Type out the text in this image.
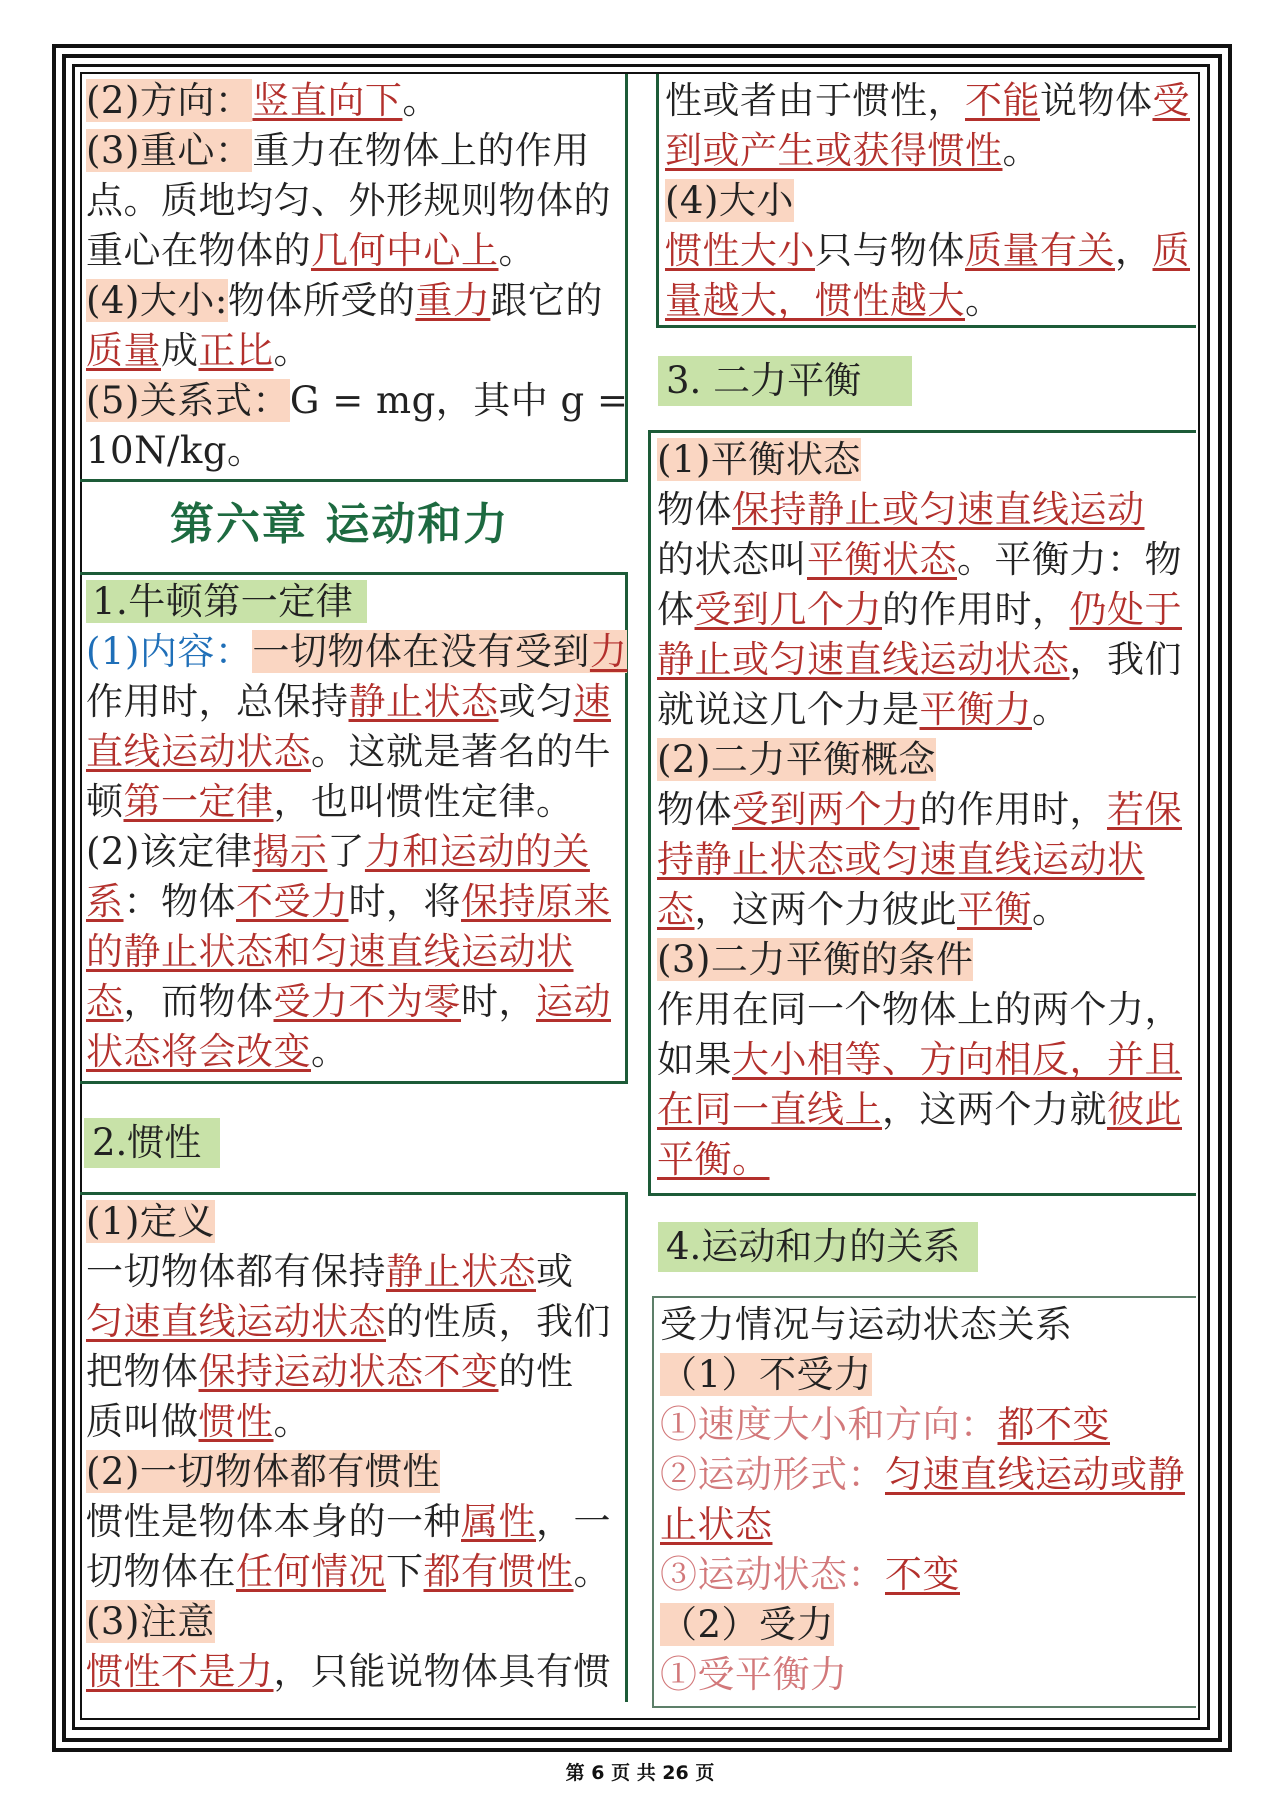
(2)方向：竖直向下。
(3)重心：重力在物体上的作用
点。质地均匀、外形规则物体的
重心在物体的几何中心上。
(4)大小:物体所受的重力跟它的
质量成正比。
(5)关系式：G = mg，其中 g =
10N/kg。
第六章 运动和力
1.牛顿第一定律
(1)内容：一切物体在没有受到力
作用时，总保持静止状态或匀速
直线运动状态。这就是著名的牛
顿第一定律，也叫惯性定律。
(2)该定律揭示了力和运动的关
系：物体不受力时，将保持原来
的静止状态和匀速直线运动状
态，而物体受力不为零时，运动
状态将会改变。
2.惯性
(1)定义
一切物体都有保持静止状态或
匀速直线运动状态的性质，我们
把物体保持运动状态不变的性
质叫做惯性。
(2)一切物体都有惯性
惯性是物体本身的一种属性，一
切物体在任何情况下都有惯性。
(3)注意
惯性不是力，只能说物体具有惯
性或者由于惯性，不能说物体受
到或产生或获得惯性。
(4)大小
惯性大小只与物体质量有关，质
量越大，惯性越大。
3. 二力平衡
(1)平衡状态
物体保持静止或匀速直线运动
的状态叫平衡状态。平衡力：物
体受到几个力的作用时，仍处于
静止或匀速直线运动状态，我们
就说这几个力是平衡力。
(2)二力平衡概念
物体受到两个力的作用时，若保
持静止状态或匀速直线运动状
态，这两个力彼此平衡。
(3)二力平衡的条件
作用在同一个物体上的两个力，
如果大小相等、方向相反，并且
在同一直线上，这两个力就彼此
平衡。
4.运动和力的关系
受力情况与运动状态关系
（1）不受力
①速度大小和方向：都不变
②运动形式：匀速直线运动或静
止状态
③运动状态：不变
（2）受力
①受平衡力
第 6 页 共 26 页
